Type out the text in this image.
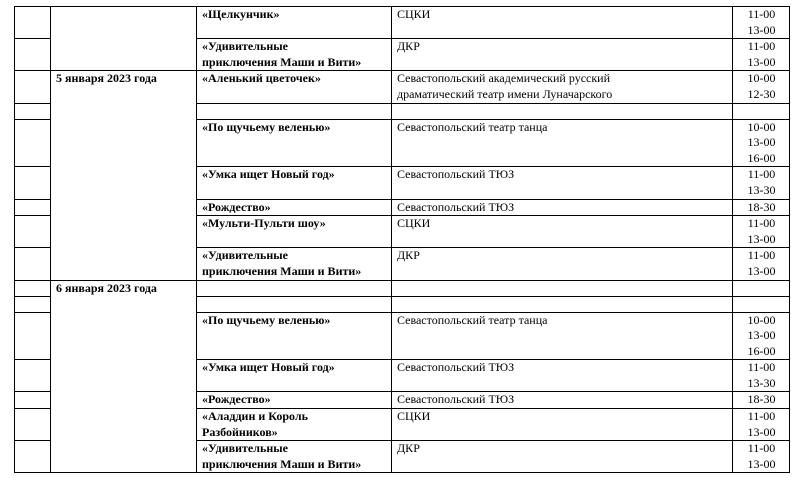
		«Щелкунчик»	СЦКИ	11-00
13-00

		«Удивительные
приключения Маши и Вити»	ДКР	11-00
13-00

	5 января 2023 года	«Аленький цветочек»	Севастопольский академический русский
драматический театр имени Луначарского	10-00
12-30

		«По щучьему веленью»	Севастопольский театр танца	10-00
13-00
16-00

		«Умка ищет Новый год»	Севастопольский ТЮЗ	11-00
13-30

		«Рождество»	Севастопольский ТЮЗ	18-30

		«Мульти-Пульти шоу»	СЦКИ	11-00
13-00

		«Удивительные
приключения Маши и Вити»	ДКР	11-00
13-00

	6 января 2023 года			

		«По щучьему веленью»	Севастопольский театр танца	10-00
13-00
16-00

		«Умка ищет Новый год»	Севастопольский ТЮЗ	11-00
13-30

		«Рождество»	Севастопольский ТЮЗ	18-30

		«Аладдин и Король
Разбойников»	СЦКИ	11-00
13-00

		«Удивительные
приключения Маши и Вити»	ДКР	11-00
13-00
